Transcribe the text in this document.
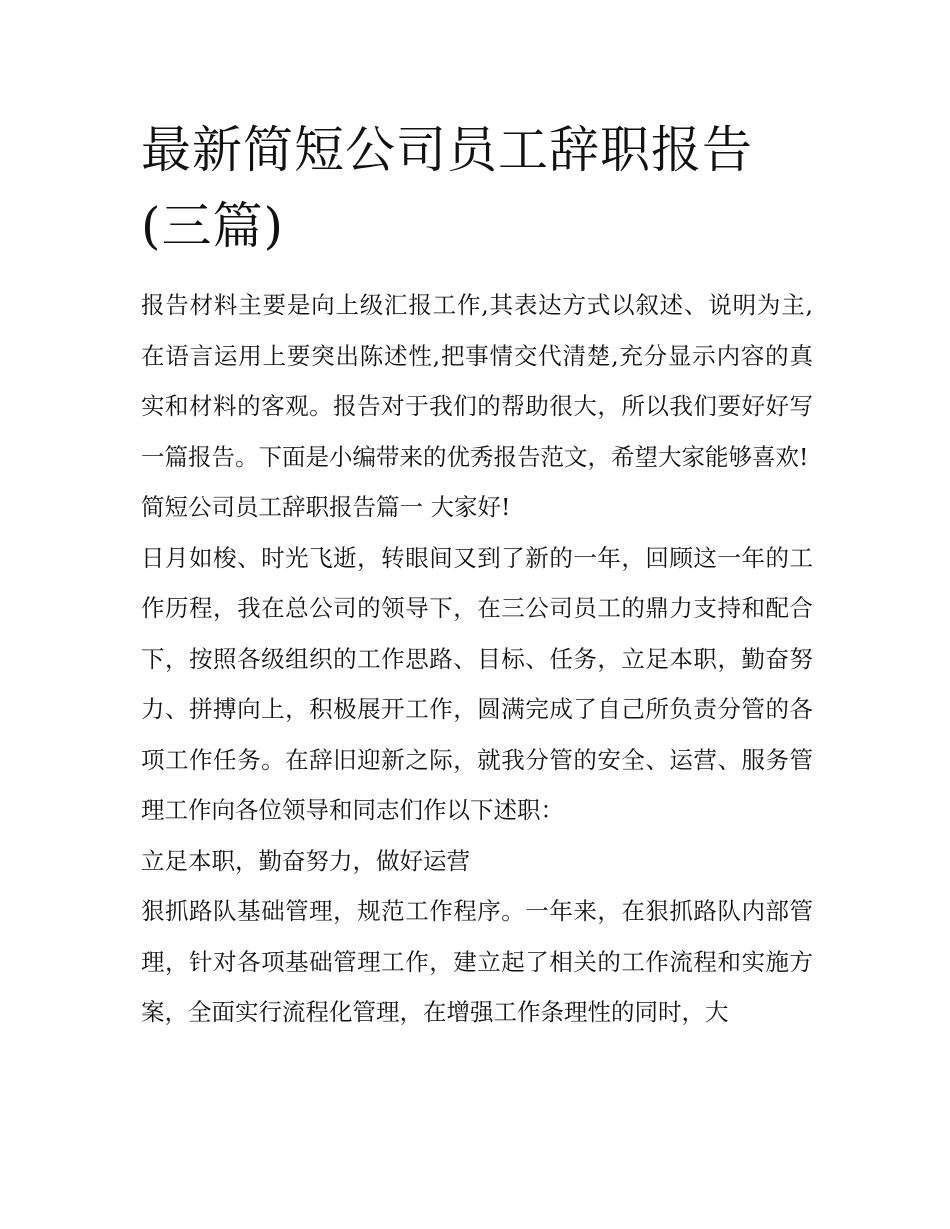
最新简短公司员工辞职报告(三篇)

报告材料主要是向上级汇报工作,其表达方式以叙述、说明为主,在语言运用上要突出陈述性,把事情交代清楚,充分显示内容的真实和材料的客观。报告对于我们的帮助很大，所以我们要好好写一篇报告。下面是小编带来的优秀报告范文，希望大家能够喜欢!

简短公司员工辞职报告篇一 大家好!

日月如梭、时光飞逝，转眼间又到了新的一年，回顾这一年的工作历程，我在总公司的领导下，在三公司员工的鼎力支持和配合下，按照各级组织的工作思路、目标、任务，立足本职，勤奋努力、拼搏向上，积极展开工作，圆满完成了自己所负责分管的各项工作任务。在辞旧迎新之际，就我分管的安全、运营、服务管理工作向各位领导和同志们作以下述职：

立足本职，勤奋努力，做好运营

狠抓路队基础管理，规范工作程序。一年来，在狠抓路队内部管理，针对各项基础管理工作，建立起了相关的工作流程和实施方案，全面实行流程化管理，在增强工作条理性的同时，大
